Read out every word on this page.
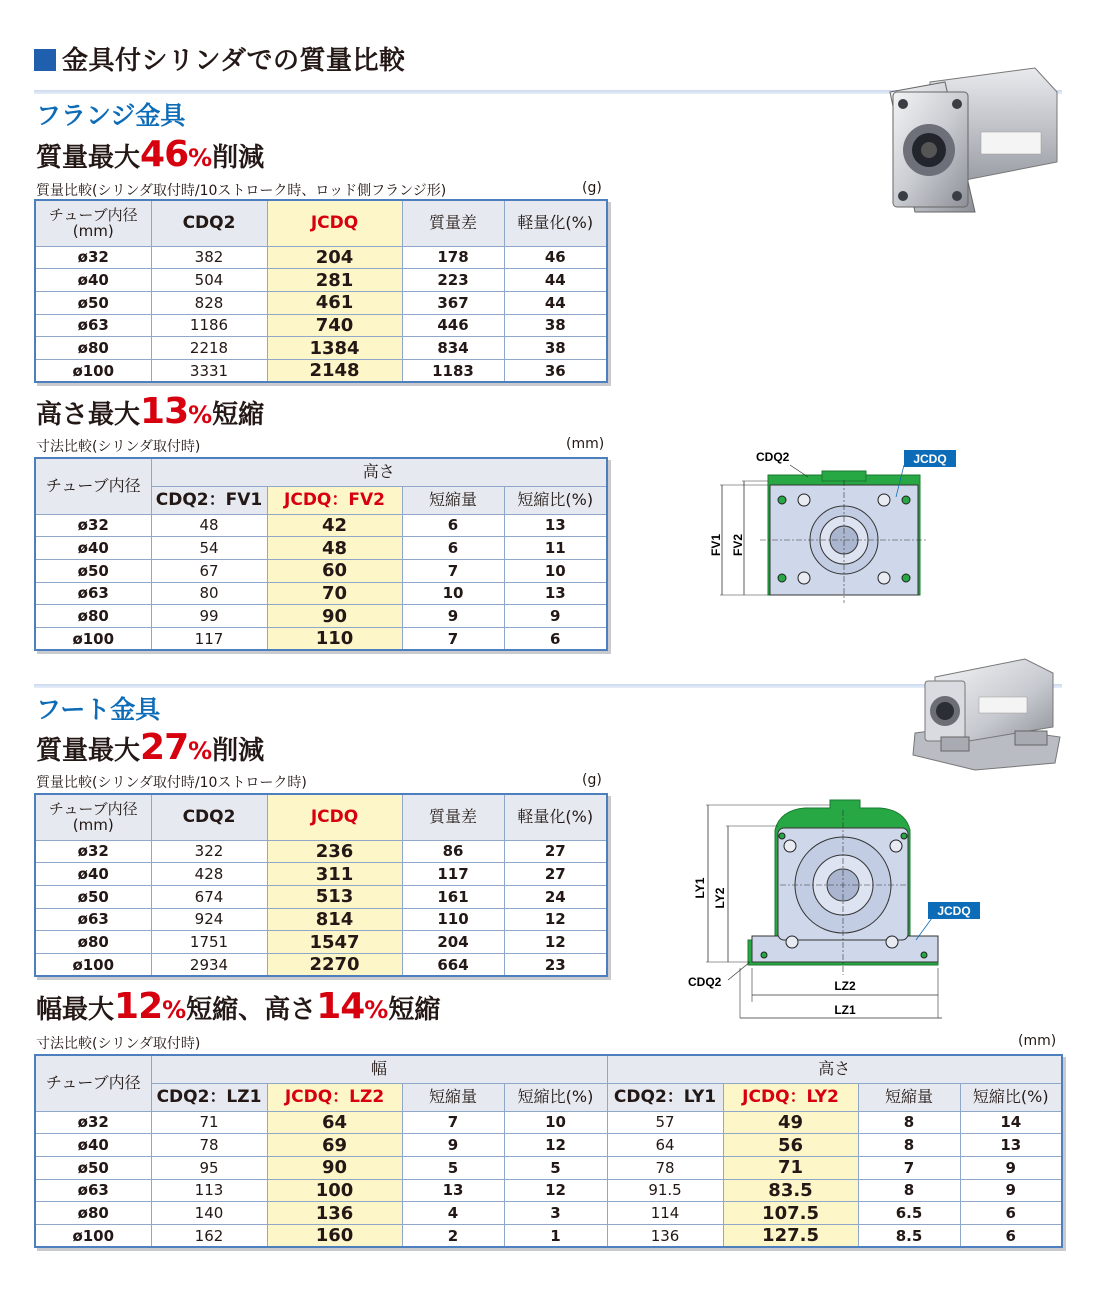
金具付シリンダでの質量比較
フランジ金具
質量最大46%削減
質量比較(シリンダ取付時/10ストローク時、ロッド側フランジ形)	(g)
チューブ内径
(mm)	CDQ2	JCDQ	質量差	軽量化(%)
ø32	382	204	178	46
ø40	504	281	223	44
ø50	828	461	367	44
ø63	1186	740	446	38
ø80	2218	1384	834	38
ø100	3331	2148	1183	36
高さ最大13%短縮
寸法比較(シリンダ取付時)	(mm)
チューブ内径	高さ			
	CDQ2：FV1	JCDQ：FV2	短縮量	短縮比(%)
ø32	48	42	6	13
ø40	54	48	6	11
ø50	67	60	7	10
ø63	80	70	10	13
ø80	99	90	9	9
ø100	117	110	7	6
FV1 FV2
CDQ2	JCDQ
フート金具
質量最大27%削減
質量比較(シリンダ取付時/10ストローク時)	(g)
チューブ内径
(mm)	CDQ2	JCDQ	質量差	軽量化(%)
ø32	322	236	86	27
ø40	428	311	117	27
ø50	674	513	161	24
ø63	924	814	110	12
ø80	1751	1547	204	12
ø100	2934	2270	664	23
LY1 LY2
LZ2
LZ1
CDQ2
JCDQ
幅最大12%短縮、高さ14%短縮
寸法比較(シリンダ取付時)	(mm)
チューブ内径	幅				高さ			
	CDQ2：LZ1	JCDQ：LZ2	短縮量	短縮比(%)	CDQ2：LY1	JCDQ：LY2	短縮量	短縮比(%)
ø32	71	64	7	10	57	49	8	14
ø40	78	69	9	12	64	56	8	13
ø50	95	90	5	5	78	71	7	9
ø63	113	100	13	12	91.5	83.5	8	9
ø80	140	136	4	3	114	107.5	6.5	6
ø100	162	160	2	1	136	127.5	8.5	6
